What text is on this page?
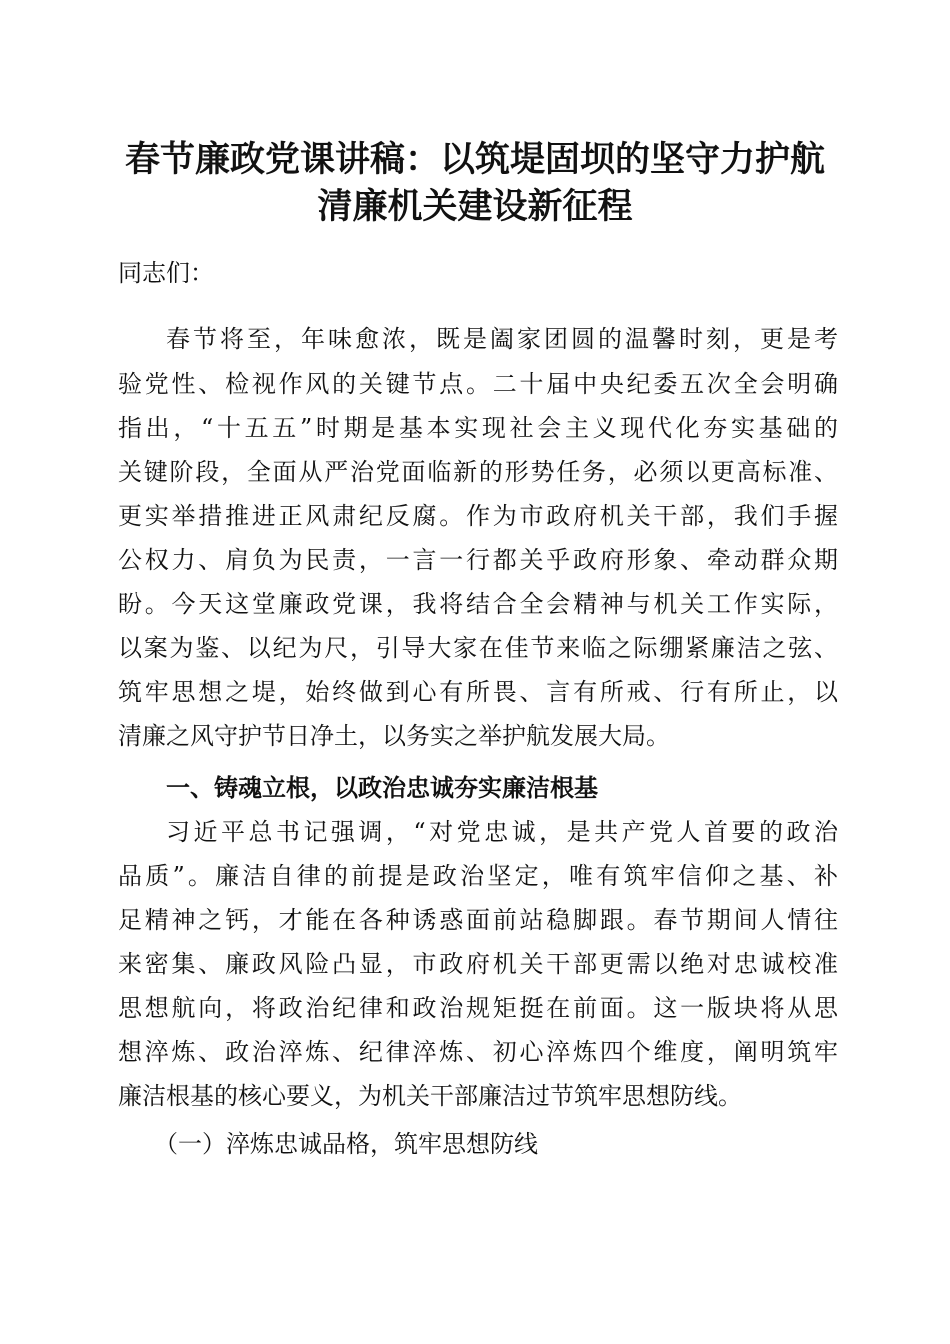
春节廉政党课讲稿：以筑堤固坝的坚守力护航
清廉机关建设新征程
同志们：
春节将至，年味愈浓，既是阖家团圆的温馨时刻，更是考
验党性、检视作风的关键节点。二十届中央纪委五次全会明确
指出，“十五五”时期是基本实现社会主义现代化夯实基础的
关键阶段，全面从严治党面临新的形势任务，必须以更高标准、
更实举措推进正风肃纪反腐。作为市政府机关干部，我们手握
公权力、肩负为民责，一言一行都关乎政府形象、牵动群众期
盼。今天这堂廉政党课，我将结合全会精神与机关工作实际，
以案为鉴、以纪为尺，引导大家在佳节来临之际绷紧廉洁之弦、
筑牢思想之堤，始终做到心有所畏、言有所戒、行有所止，以
清廉之风守护节日净土，以务实之举护航发展大局。
一、铸魂立根，以政治忠诚夯实廉洁根基
习近平总书记强调，“对党忠诚，是共产党人首要的政治
品质”。廉洁自律的前提是政治坚定，唯有筑牢信仰之基、补
足精神之钙，才能在各种诱惑面前站稳脚跟。春节期间人情往
来密集、廉政风险凸显，市政府机关干部更需以绝对忠诚校准
思想航向，将政治纪律和政治规矩挺在前面。这一版块将从思
想淬炼、政治淬炼、纪律淬炼、初心淬炼四个维度，阐明筑牢
廉洁根基的核心要义，为机关干部廉洁过节筑牢思想防线。
（一）淬炼忠诚品格，筑牢思想防线
